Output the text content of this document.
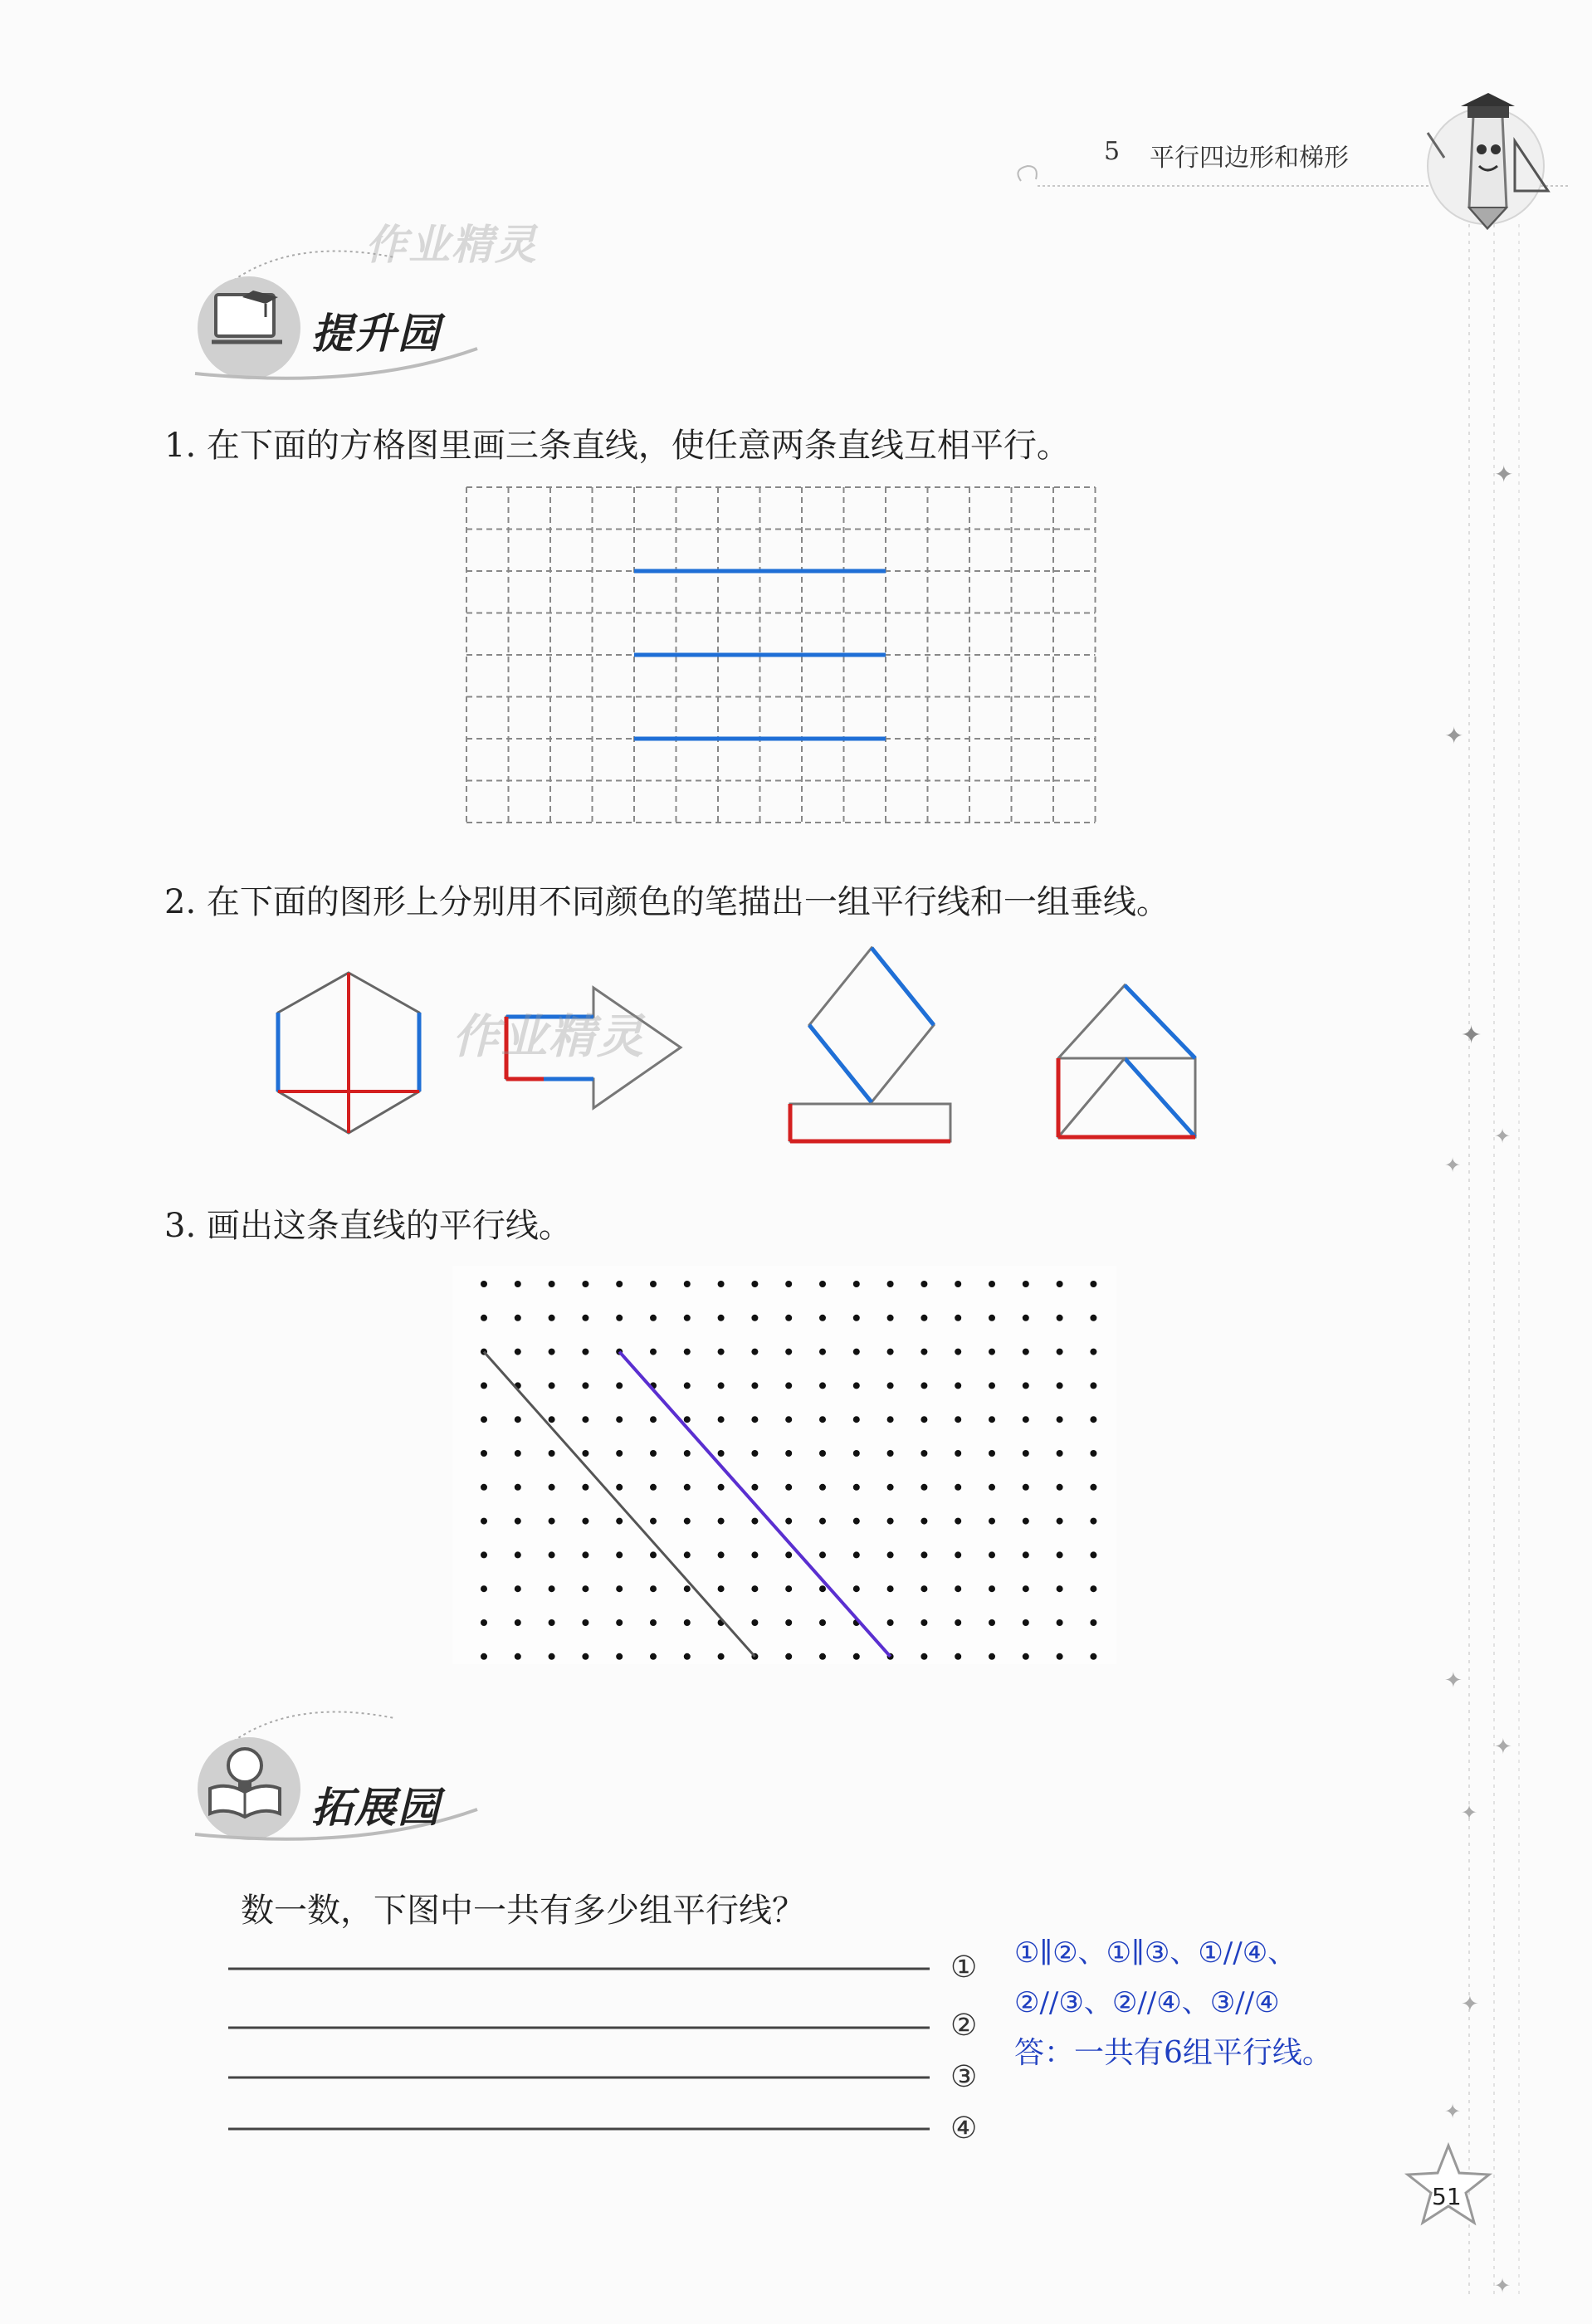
5 平行四边形和梯形
✦
✦
✦
✦
✦
✦
✦
✦
✦
✦
✦
作业精灵
提升园
1. 在下面的方格图里画三条直线，使任意两条直线互相平行。
2. 在下面的图形上分别用不同颜色的笔描出一组平行线和一组垂线。
作业精灵
3. 画出这条直线的平行线。
拓展园
数一数，下图中一共有多少组平行线？
①
②
③
④
①∥②、①∥③、①//④、
②//③、②//④、③//④
答：一共有6组平行线。
51
